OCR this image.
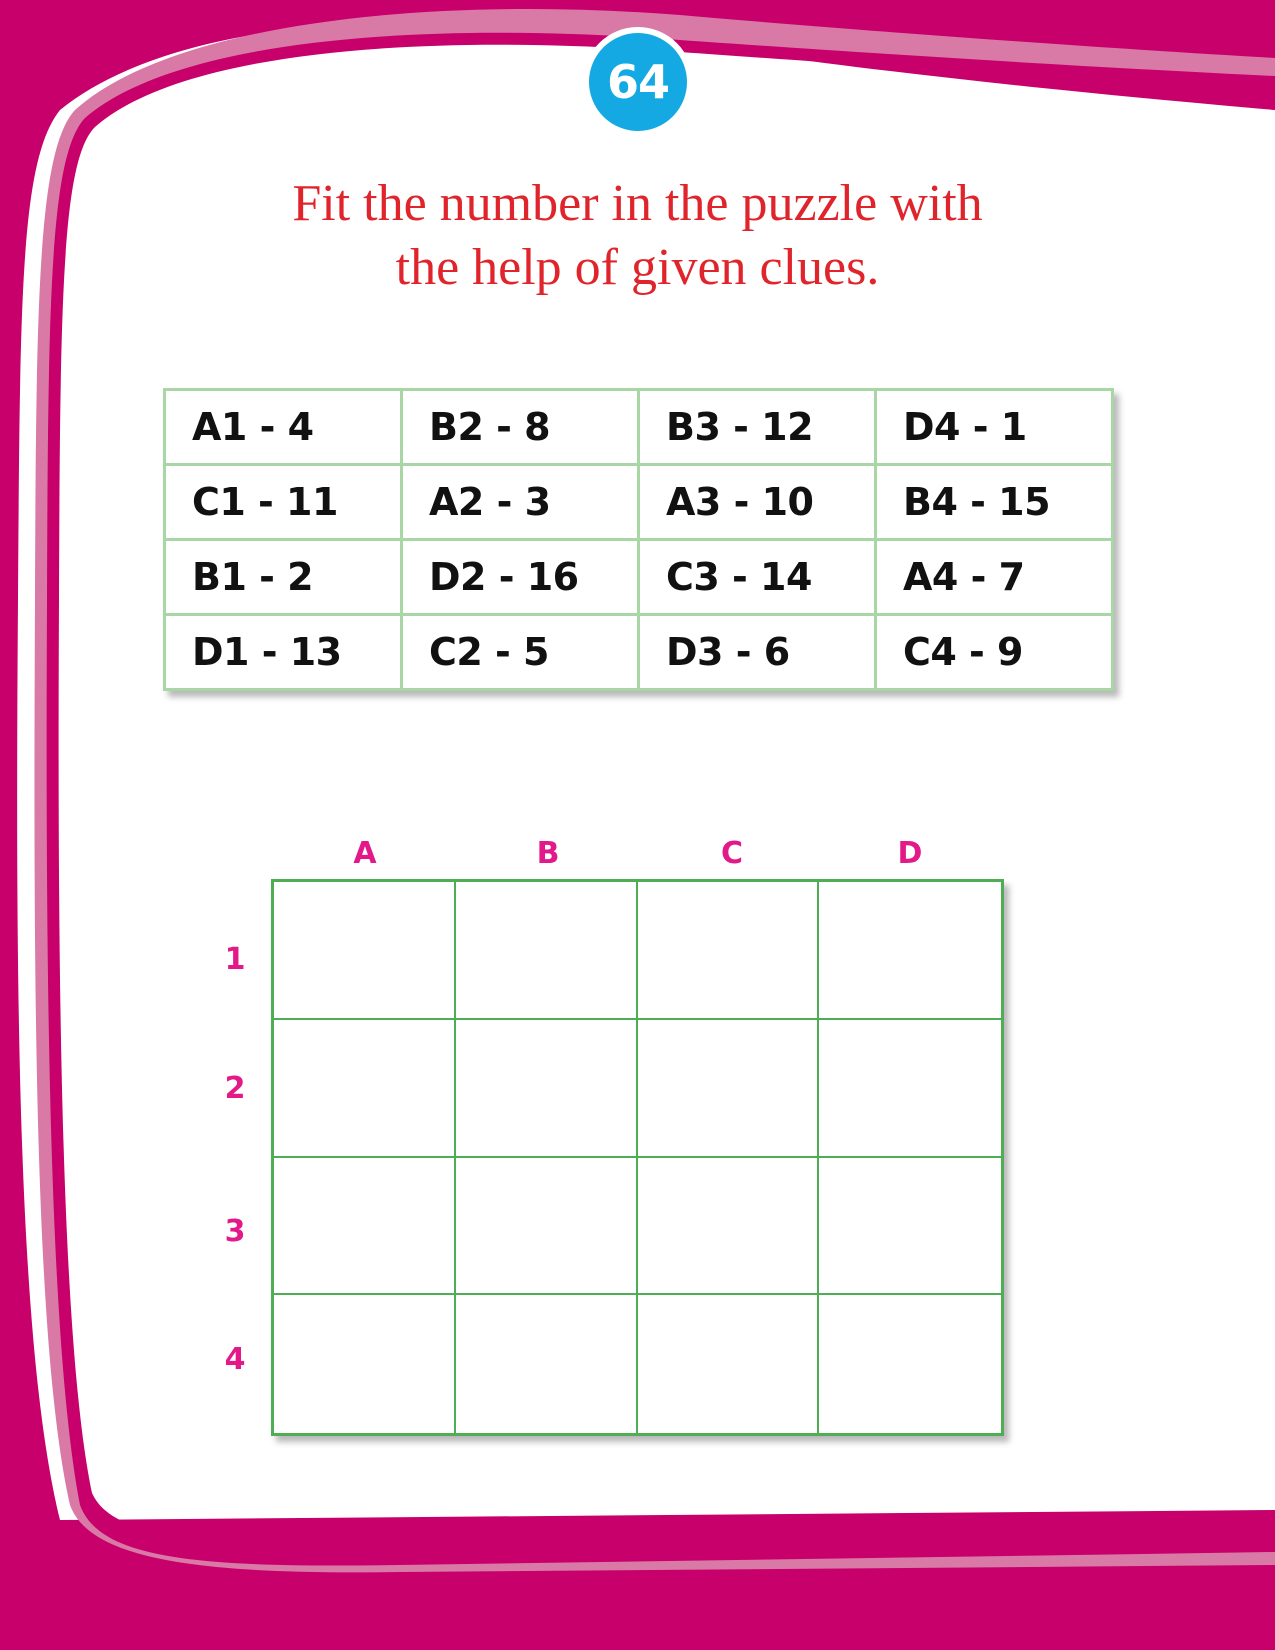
64
Fit the number in the puzzle with
the help of given clues.
A1 - 4	B2 - 8	B3 - 12	D4 - 1
C1 - 11	A2 - 3	A3 - 10	B4 - 15
B1 - 2	D2 - 16	C3 - 14	A4 - 7
D1 - 13	C2 - 5	D3 - 6	C4 - 9
A	B	C	D
1
2
3
4
